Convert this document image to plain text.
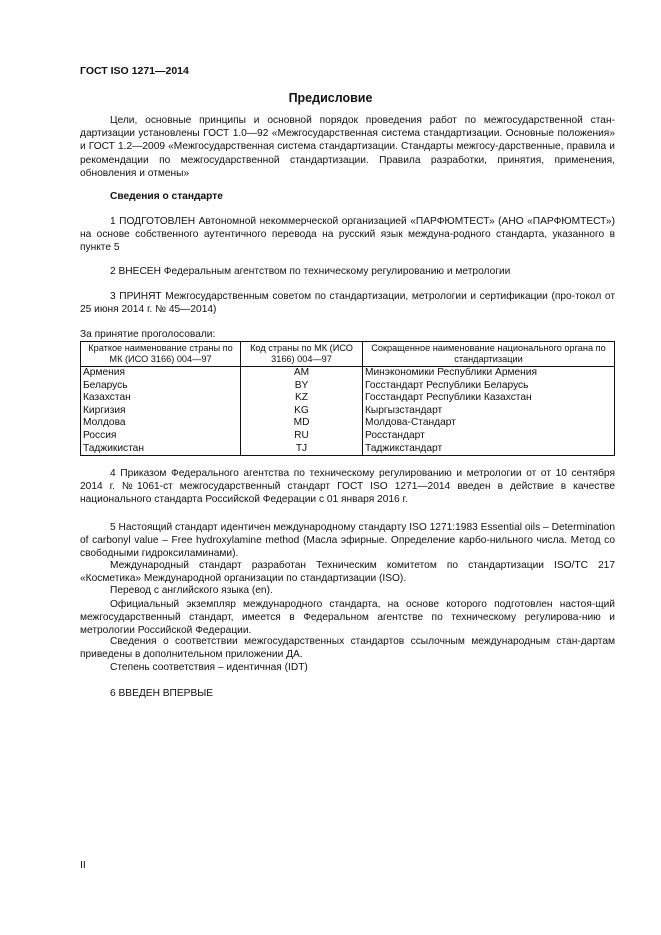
ГОСТ ISO 1271—2014
Предисловие

Цели, основные принципы и основной порядок проведения работ по межгосударственной стан-дартизации установлены ГОСТ 1.0—92 «Межгосударственная система стандартизации. Основные положения» и ГОСТ 1.2—2009 «Межгосударственная система стандартизации. Стандарты межгосу-дарственные, правила и рекомендации по межгосударственной стандартизации. Правила разработки, принятия, применения, обновления и отмены»

Сведения о стандарте

1 ПОДГОТОВЛЕН Автономной некоммерческой организацией «ПАРФЮМТЕСТ» (АНО «ПАРФЮМТЕСТ») на основе собственного аутентичного перевода на русский язык междуна-родного стандарта, указанного в пункте 5

2 ВНЕСЕН Федеральным агентством по техническому регулированию и метрологии

3 ПРИНЯТ Межгосударственным советом по стандартизации, метрологии и сертификации (про-токол от 25 июня 2014 г. № 45—2014)

За принятие проголосовали:
Краткое наименование страны по МК (ИСО 3166) 004—97	Код страны по МК (ИСО 3166) 004—97	Сокращенное наименование национального органа по стандартизации
Армения	AM	Минэкономики Республики Армения
Беларусь	BY	Госстандарт Республики Беларусь
Казахстан	KZ	Госстандарт Республики Казахстан
Киргизия	KG	Кыргызстандарт
Молдова	MD	Молдова-Стандарт
Россия	RU	Росстандарт
Таджикистан	TJ	Таджикстандарт

4 Приказом Федерального агентства по техническому регулированию и метрологии от от 10 сентября 2014 г. №1061-ст межгосударственный стандарт ГОСТ ISO 1271—2014 введен в действие в качестве национального стандарта Российской Федерации с 01 января 2016 г.

5 Настоящий стандарт идентичен международному стандарту ISO 1271:1983 Essential oils – Determination of carbonyl value – Free hydroxylamine method (Масла эфирные. Определение карбо-нильного числа. Метод со свободными гидроксиламинами).

Международный стандарт разработан Техническим комитетом по стандартизации ISO/TC 217 «Косметика» Международной организации по стандартизации (ISO).

Перевод с английского языка (en).

Официальный экземпляр международного стандарта, на основе которого подготовлен настоя-щий межгосударственный стандарт, имеется в Федеральном агентстве по техническому регулирова-нию и метрологии Российской Федерации.

Сведения о соответствии межгосударственных стандартов ссылочным международным стан-дартам приведены в дополнительном приложении ДА.

Степень соответствия – идентичная (IDT)

6 ВВЕДЕН ВПЕРВЫЕ

II
